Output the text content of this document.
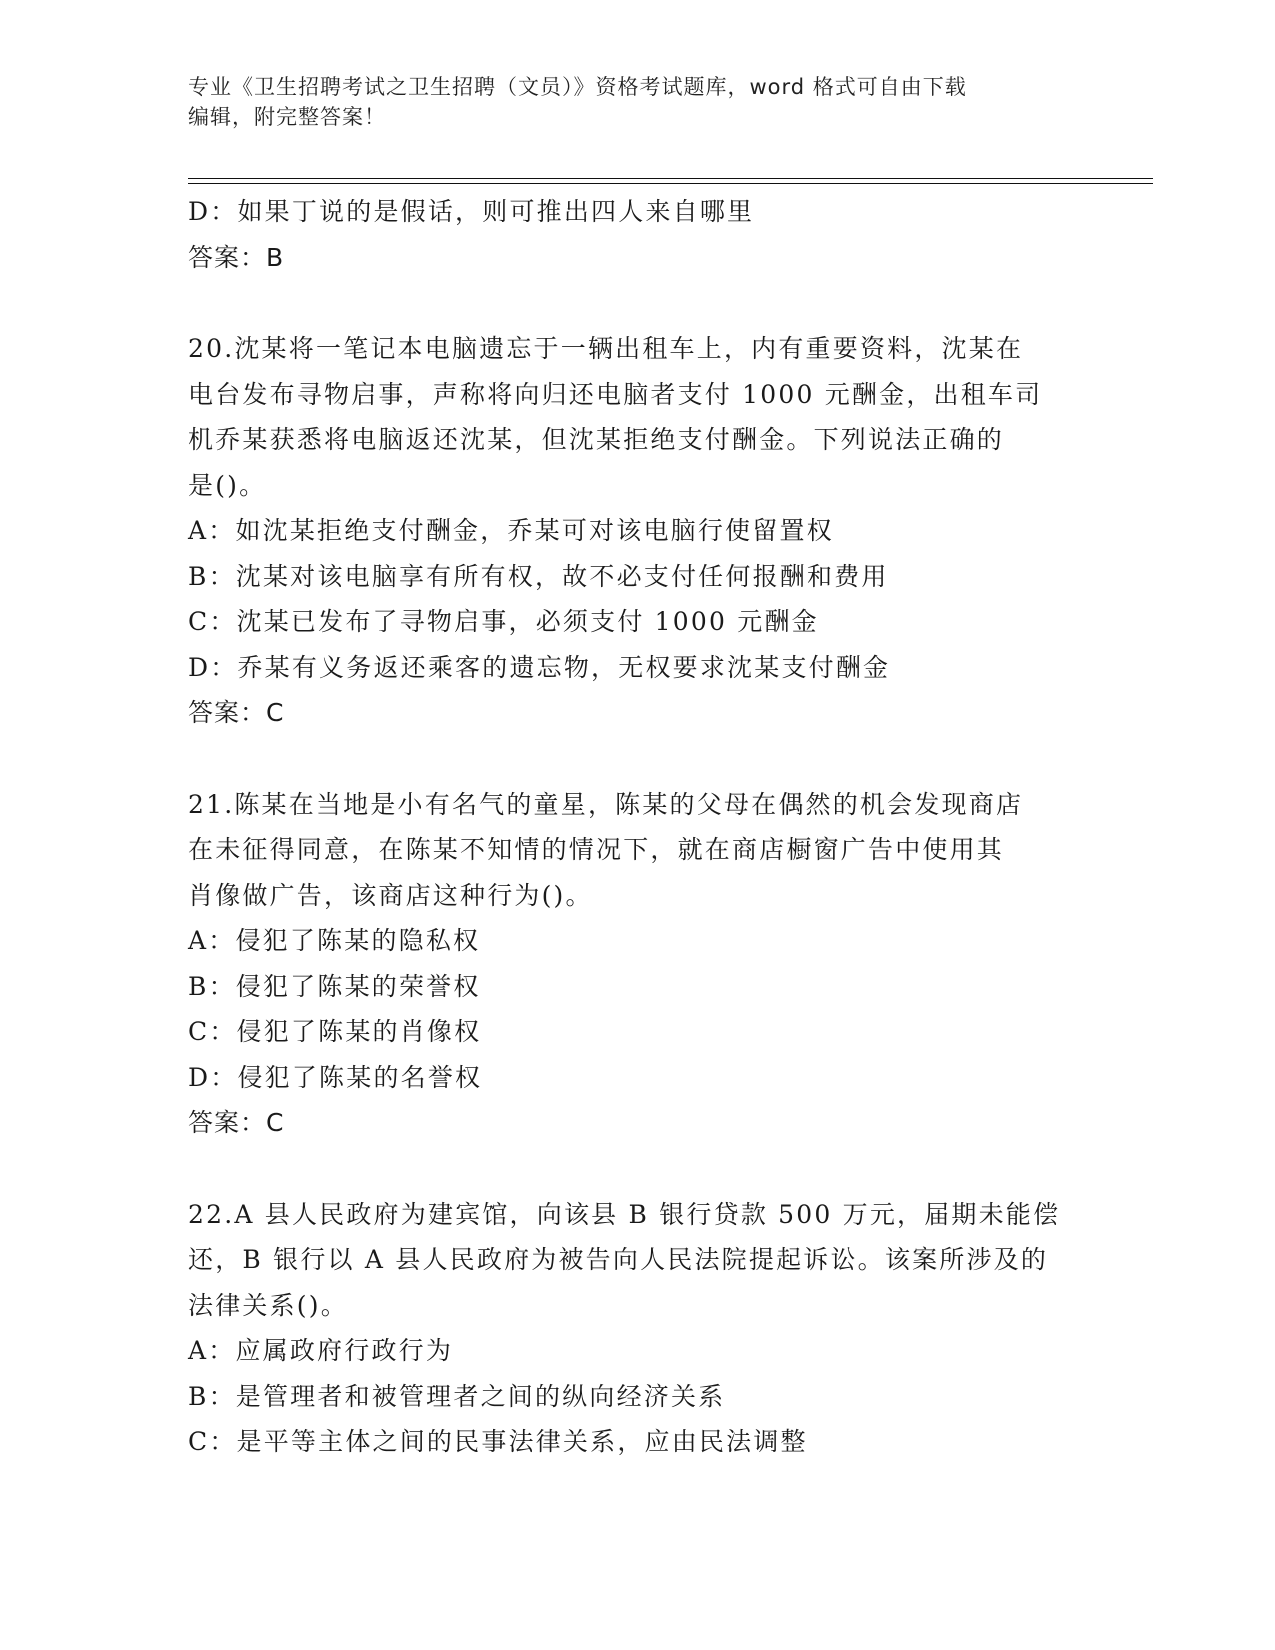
专业《卫生招聘考试之卫生招聘（文员）》资格考试题库，word 格式可自由下载
编辑，附完整答案！
D：如果丁说的是假话，则可推出四人来自哪里
答案：B
20.沈某将一笔记本电脑遗忘于一辆出租车上，内有重要资料，沈某在
电台发布寻物启事，声称将向归还电脑者支付 1000 元酬金，出租车司
机乔某获悉将电脑返还沈某，但沈某拒绝支付酬金。下列说法正确的
是()。
A：如沈某拒绝支付酬金，乔某可对该电脑行使留置权
B：沈某对该电脑享有所有权，故不必支付任何报酬和费用
C：沈某已发布了寻物启事，必须支付 1000 元酬金
D：乔某有义务返还乘客的遗忘物，无权要求沈某支付酬金
答案：C
21.陈某在当地是小有名气的童星，陈某的父母在偶然的机会发现商店
在未征得同意，在陈某不知情的情况下，就在商店橱窗广告中使用其
肖像做广告，该商店这种行为()。
A：侵犯了陈某的隐私权
B：侵犯了陈某的荣誉权
C：侵犯了陈某的肖像权
D：侵犯了陈某的名誉权
答案：C
22.A 县人民政府为建宾馆，向该县 B 银行贷款 500 万元，届期未能偿
还，B 银行以 A 县人民政府为被告向人民法院提起诉讼。该案所涉及的
法律关系()。
A：应属政府行政行为
B：是管理者和被管理者之间的纵向经济关系
C：是平等主体之间的民事法律关系，应由民法调整
